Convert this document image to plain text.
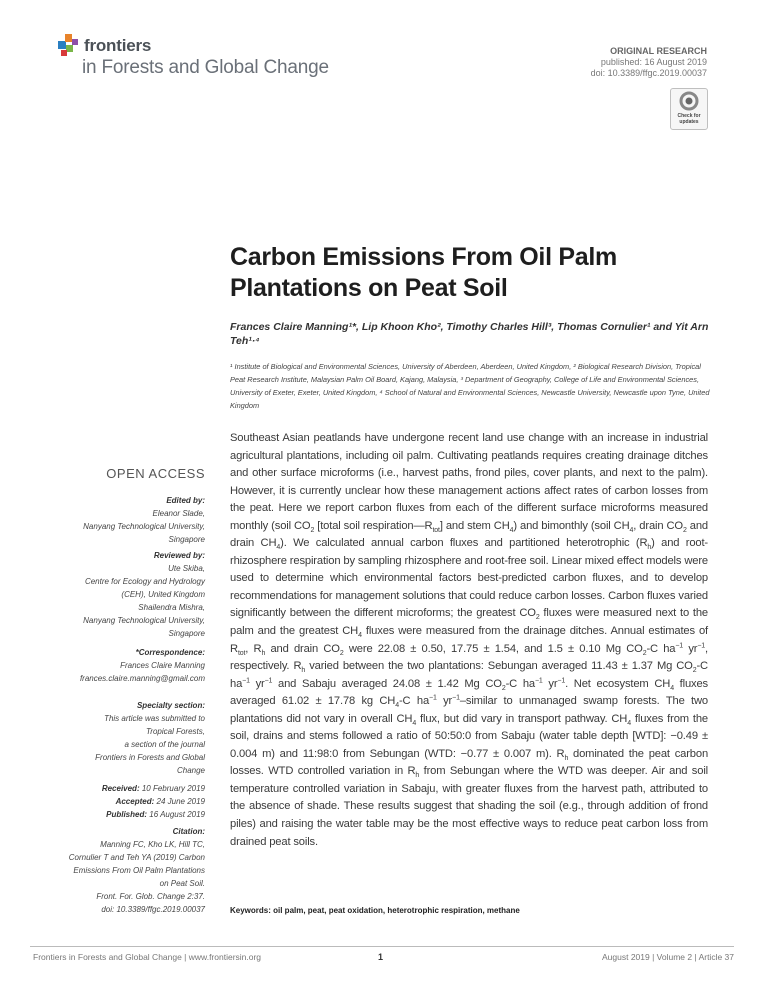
frontiers
in Forests and Global Change
ORIGINAL RESEARCH
published: 16 August 2019
doi: 10.3389/ffgc.2019.00037
Check for updates
Carbon Emissions From Oil Palm Plantations on Peat Soil
Frances Claire Manning¹*, Lip Khoon Kho², Timothy Charles Hill³, Thomas Cornulier¹ and Yit Arn Teh¹·⁴
¹ Institute of Biological and Environmental Sciences, University of Aberdeen, Aberdeen, United Kingdom, ² Biological Research Division, Tropical Peat Research Institute, Malaysian Palm Oil Board, Kajang, Malaysia, ³ Department of Geography, College of Life and Environmental Sciences, University of Exeter, Exeter, United Kingdom, ⁴ School of Natural and Environmental Sciences, Newcastle University, Newcastle upon Tyne, United Kingdom
Southeast Asian peatlands have undergone recent land use change with an increase in industrial agricultural plantations, including oil palm. Cultivating peatlands requires creating drainage ditches and other surface microforms (i.e., harvest paths, frond piles, cover plants, and next to the palm). However, it is currently unclear how these management actions affect rates of carbon losses from the peat. Here we report carbon fluxes from each of the different surface microforms measured monthly (soil $CO_2$ [total soil $respiration—R_{tot}$] and stem $CH_4$) and bimonthly (soil $CH_4$, drain $CO_2$ and drain $CH_4$). We calculated annual carbon fluxes and partitioned heterotrophic $(R_h)$ and root-rhizosphere respiration by sampling rhizosphere and root-free soil. Linear mixed effect models were used to determine which environmental factors best-predicted carbon fluxes, and to develop recommendations for management solutions that could reduce carbon losses. Carbon fluxes varied significantly between the different microforms; the greatest $CO_2$ fluxes were measured next to the palm and the greatest $CH_4$ fluxes were measured from the drainage ditches. Annual estimates of $R_{tot}$, $R_h$ and drain $CO_2$ were 22.08 ± 0.50, 17.75 ± 1.54, and 1.5 ± 0.10 Mg $CO_2-C$ $ha^{-1}$ $yr^{-1}$, respectively. $R_h$ varied between the two plantations: Sebungan averaged 11.43 ± 1.37 Mg $CO_2-C$ $ha^{-1}$ $yr^{-1}$ and Sabaju averaged 24.08 ± 1.42 Mg $CO_2-C$ $ha^{-1}$ $yr^{-1}$. Net ecosystem $CH_4$ fluxes averaged 61.02 ± 17.78 kg $CH_4-C$ $ha^{-1}$ $yr^{-1}$–similar to unmanaged swamp forests. The two plantations did not vary in overall $CH_4$ flux, but did vary in transport pathway. $CH_4$ fluxes from the soil, drains and stems followed a ratio of 50:50:0 from Sabaju (water table depth [WTD]: −0.49 ± 0.004 m) and 11:98:0 from Sebungan (WTD: −0.77 ± 0.007 m). $R_h$ dominated the peat carbon losses. WTD controlled variation in $R_h$ from Sebungan where the WTD was deeper. Air and soil temperature controlled variation in Sabaju, with greater fluxes from the harvest path, attributed to the absence of shade. These results suggest that shading the soil (e.g., through addition of frond piles) and raising the water table may be the most effective ways to reduce peat carbon loss from drained peat soils.
Keywords: oil palm, peat, peat oxidation, heterotrophic respiration, methane
OPEN ACCESS
Edited by:
Eleanor Slade,
Nanyang Technological University,
Singapore
Reviewed by:
Ute Skiba,
Centre for Ecology and Hydrology
(CEH), United Kingdom
Shailendra Mishra,
Nanyang Technological University,
Singapore
*Correspondence:
Frances Claire Manning
frances.claire.manning@gmail.com
Specialty section:
This article was submitted to
Tropical Forests,
a section of the journal
Frontiers in Forests and Global
Change
Received: 10 February 2019
Accepted: 24 June 2019
Published: 16 August 2019
Citation:
Manning FC, Kho LK, Hill TC,
Cornulier T and Teh YA (2019) Carbon
Emissions From Oil Palm Plantations
on Peat Soil.
Front. For. Glob. Change 2:37.
doi: 10.3389/ffgc.2019.00037
Frontiers in Forests and Global Change | www.frontiersin.org	1	August 2019 | Volume 2 | Article 37
